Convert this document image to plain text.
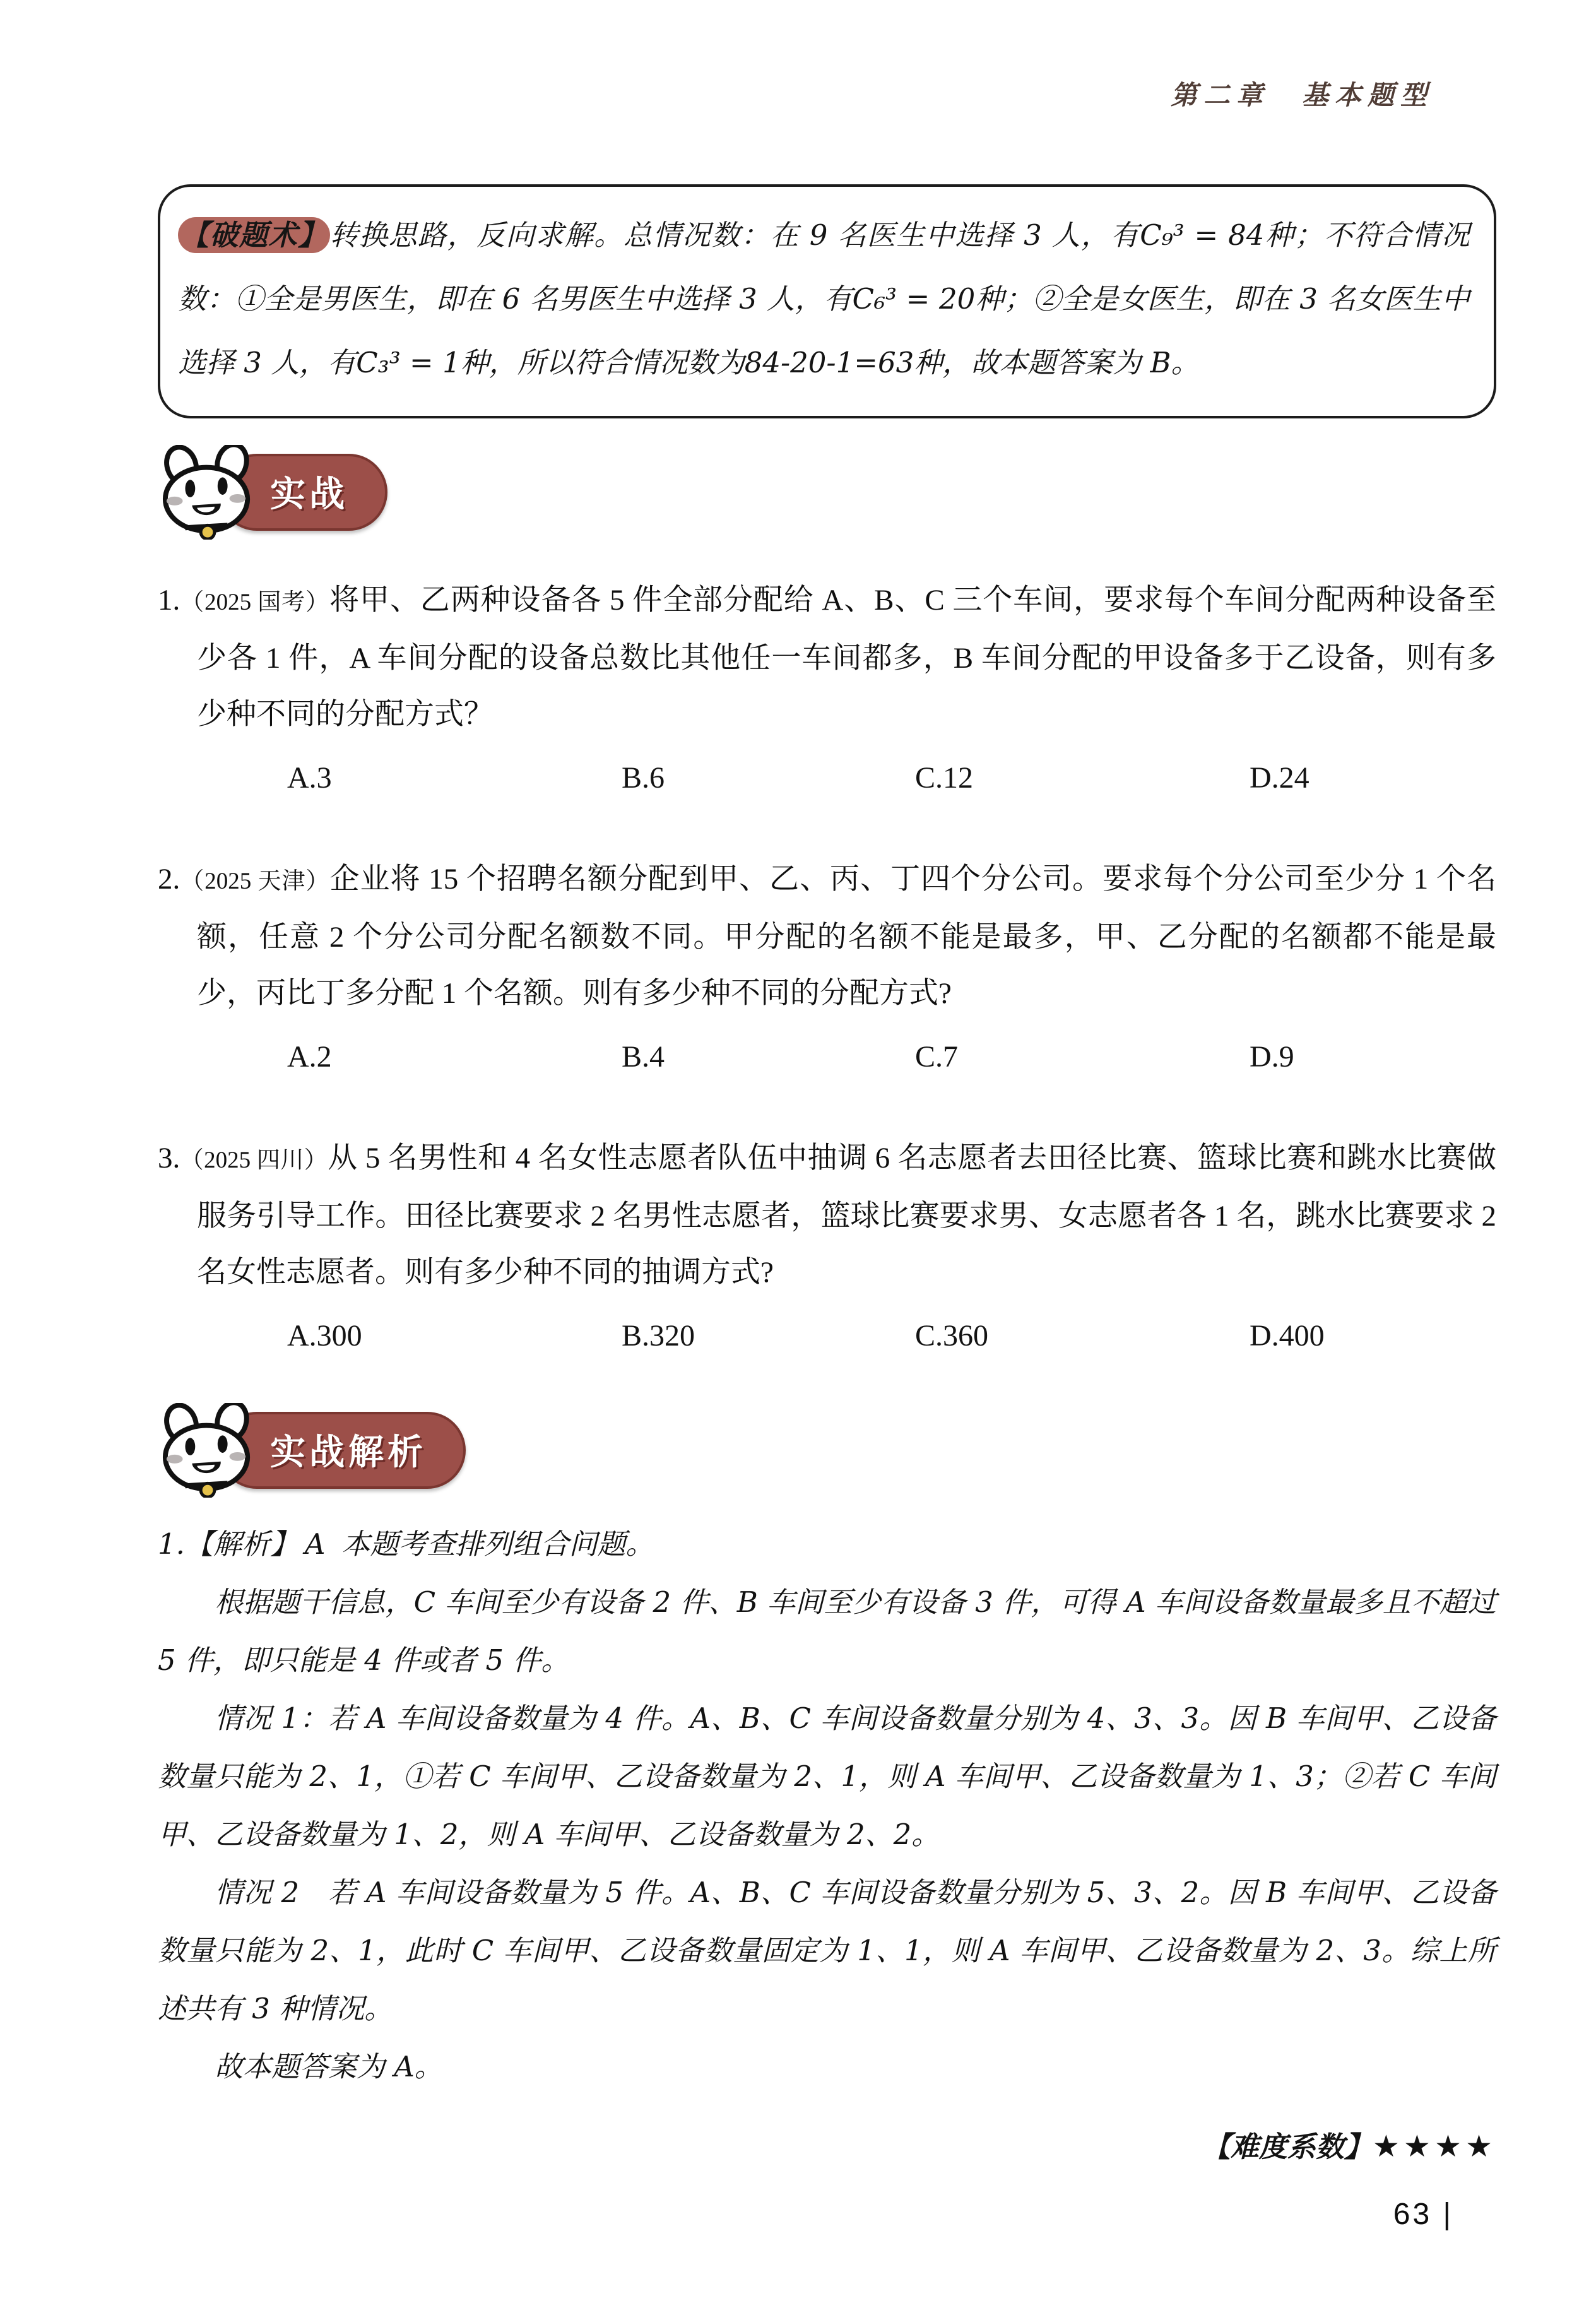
第二章　基本题型
【破题术】转换思路，反向求解。总情况数：在 9 名医生中选择 3 人，有C₉³ = 84种；不符合情况数：①全是男医生，即在 6 名男医生中选择 3 人，有C₆³ = 20种；②全是女医生，即在 3 名女医生中选择 3 人，有C₃³ = 1种，所以符合情况数为84-20-1=63种，故本题答案为 B。
实战
1.（2025 国考）将甲、乙两种设备各 5 件全部分配给 A、B、C 三个车间，要求每个车间分配两种设备至少各 1 件，A 车间分配的设备总数比其他任一车间都多，B 车间分配的甲设备多于乙设备，则有多少种不同的分配方式？
A.3	B.6	C.12	D.24
2.（2025 天津）企业将 15 个招聘名额分配到甲、乙、丙、丁四个分公司。要求每个分公司至少分 1 个名额，任意 2 个分公司分配名额数不同。甲分配的名额不能是最多，甲、乙分配的名额都不能是最少，丙比丁多分配 1 个名额。则有多少种不同的分配方式?
A.2	B.4	C.7	D.9
3.（2025 四川）从 5 名男性和 4 名女性志愿者队伍中抽调 6 名志愿者去田径比赛、篮球比赛和跳水比赛做服务引导工作。田径比赛要求 2 名男性志愿者，篮球比赛要求男、女志愿者各 1 名，跳水比赛要求 2 名女性志愿者。则有多少种不同的抽调方式?
A.300	B.320	C.360	D.400
实战解析
1.【解析】 A 本题考查排列组合问题。

根据题干信息，C 车间至少有设备 2 件、B 车间至少有设备 3 件，可得 A 车间设备数量最多且不超过 5 件，即只能是 4 件或者 5 件。

情况 1：若 A 车间设备数量为 4 件。A、B、C 车间设备数量分别为 4、3、3。因 B 车间甲、乙设备数量只能为 2、1，①若 C 车间甲、乙设备数量为 2、1，则 A 车间甲、乙设备数量为 1、3；②若 C 车间甲、乙设备数量为 1、2，则 A 车间甲、乙设备数量为 2、2。

情况 2　若 A 车间设备数量为 5 件。A、B、C 车间设备数量分别为 5、3、2。因 B 车间甲、乙设备数量只能为 2、1，此时 C 车间甲、乙设备数量固定为 1、1，则 A 车间甲、乙设备数量为 2、3。综上所述共有 3 种情况。

故本题答案为 A。

【难度系数】★★★★
63 |
